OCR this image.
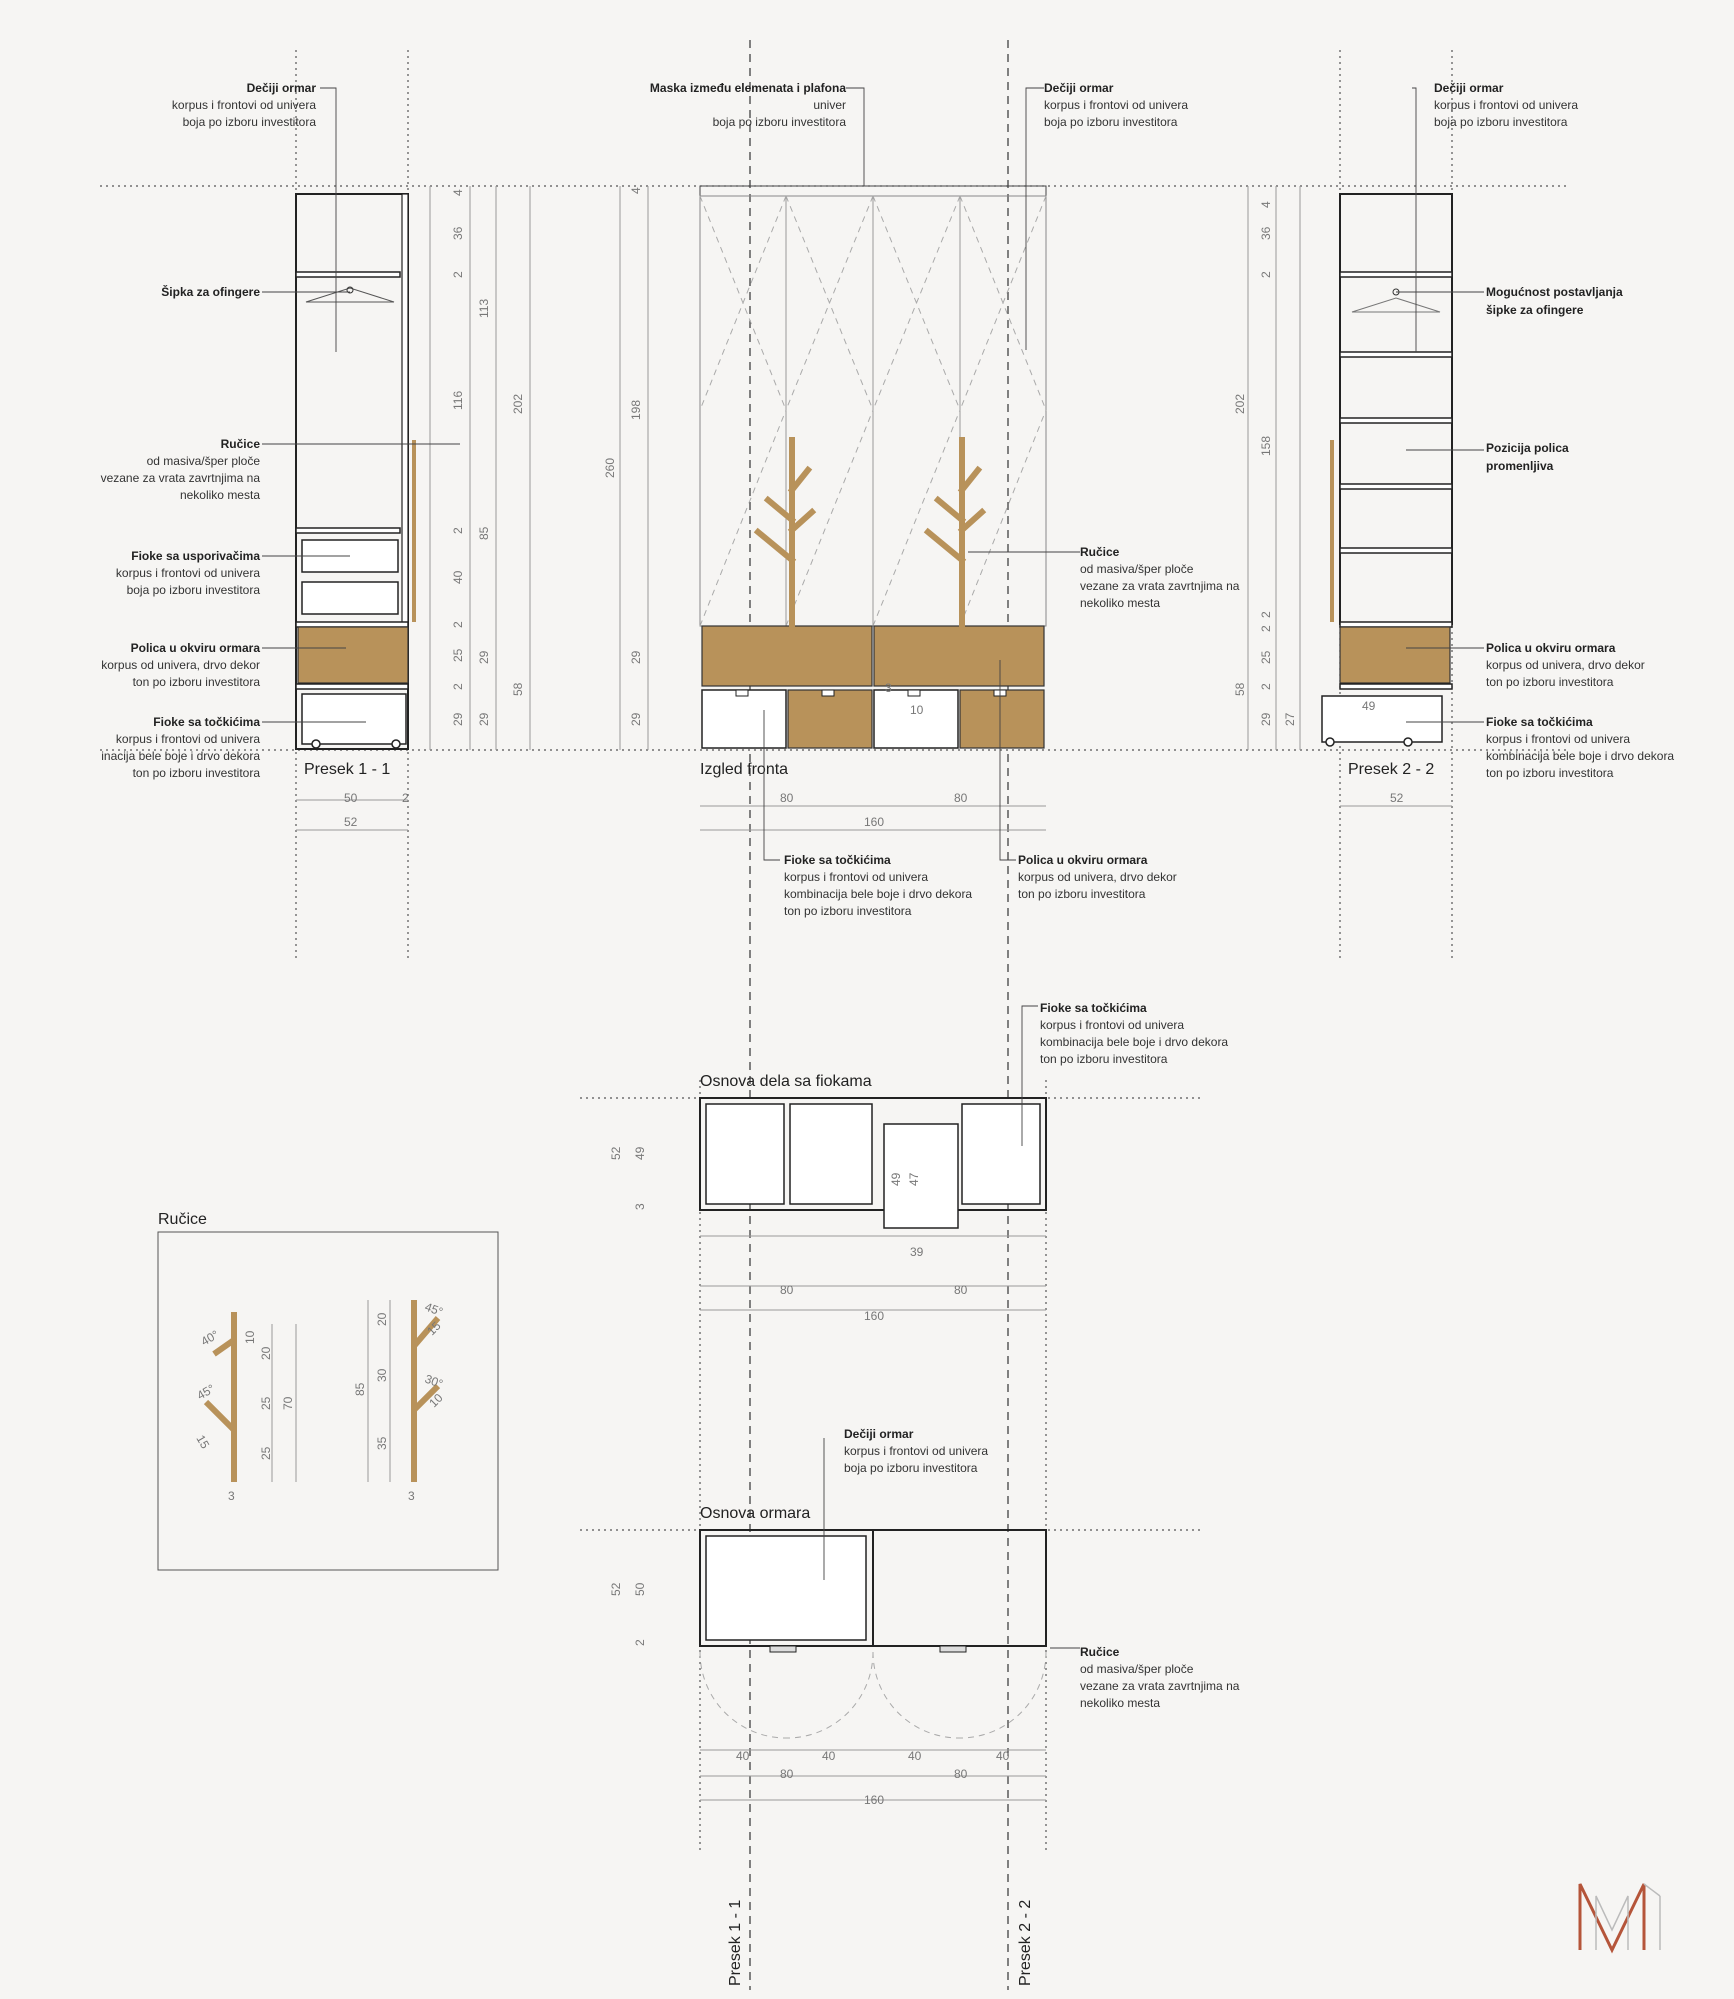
Presek 1 - 1
4
36
2
116
2
40
2
25
2
29
113
85
29
29
202
58
50	2
52
3
10
Izgled fronta
4
198
260
29
29
80	80
160
Presek 2 - 2
4
36
2
158
2
2
25
2
29 27
202
58
49
52
Osnova dela sa fiokama
52 49
3
49 47
39
80	80
160
Osnova ormara
52 50
2
40	40	40	40
80	80
160
Ručice
10
20
25
25
70
3
40°
45°
15
20
30
35
85
3
45°
30°
15
10
Presek 1 - 1	Presek 2 - 2
Dečiji ormar
korpus i frontovi od univera
boja po izboru investitora
Maska između elemenata i plafona
univer
boja po izboru investitora
Dečiji ormar
korpus i frontovi od univera
boja po izboru investitora
Dečiji ormar
korpus i frontovi od univera
boja po izboru investitora
Šipka za ofingere	Mogućnost postavljanja
šipke za ofingere
Ručice
od masiva/šper ploče
vezane za vrata zavrtnjima na
nekoliko mesta
Pozicija polica
promenljiva
Ručice
od masiva/šper ploče
vezane za vrata zavrtnjima na
nekoliko mesta
Fioke sa usporivačima
korpus i frontovi od univera
boja po izboru investitora
Polica u okviru ormara
korpus od univera, drvo dekor
ton po izboru investitora
Polica u okviru ormara
korpus od univera, drvo dekor
ton po izboru investitora
Fioke sa točkićima
korpus i frontovi od univera
inacija bele boje i drvo dekora
ton po izboru investitora
Fioke sa točkićima
korpus i frontovi od univera
kombinacija bele boje i drvo dekora
ton po izboru investitora
Fioke sa točkićima
korpus i frontovi od univera
kombinacija bele boje i drvo dekora
ton po izboru investitora
Polica u okviru ormara
korpus od univera, drvo dekor
ton po izboru investitora
Fioke sa točkićima
korpus i frontovi od univera
kombinacija bele boje i drvo dekora
ton po izboru investitora
Dečiji ormar
korpus i frontovi od univera
boja po izboru investitora
Ručice
od masiva/šper ploče
vezane za vrata zavrtnjima na
nekoliko mesta
